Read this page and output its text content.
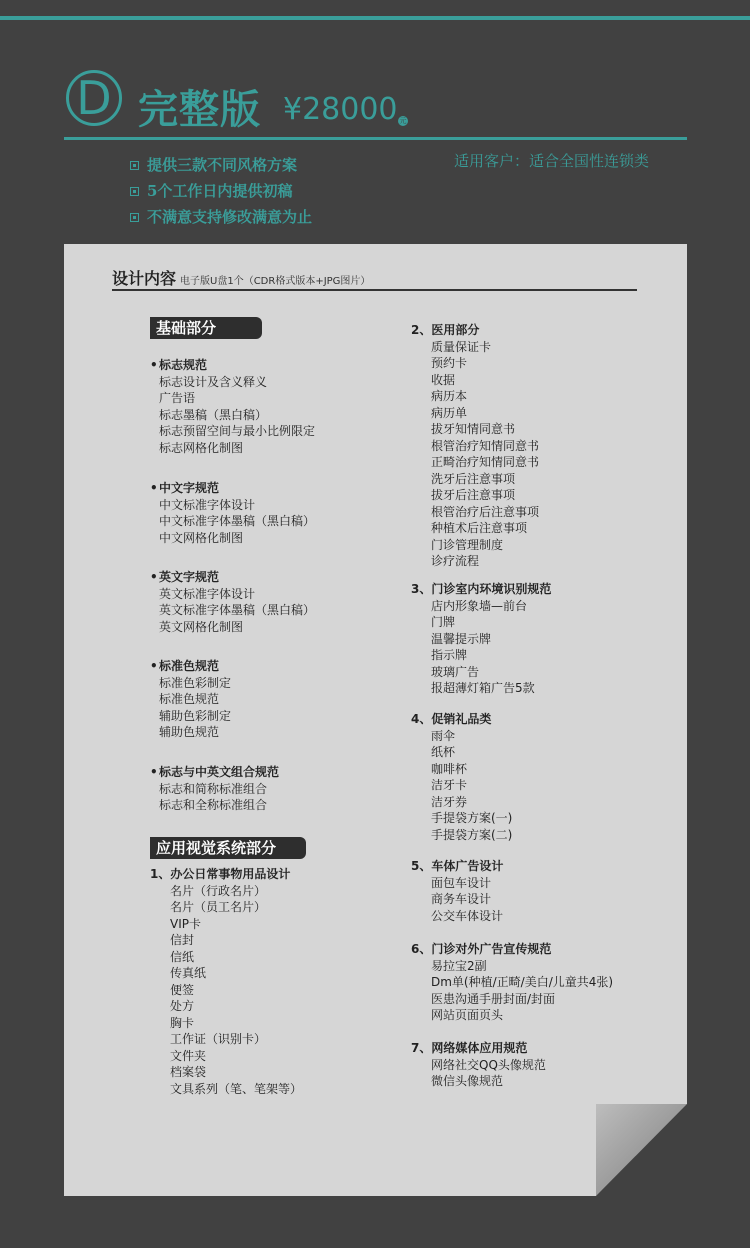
D 完整版 ¥28000 元
提供三款不同风格方案
5个工作日内提供初稿
不满意支持修改满意为止
适用客户：适合全国性连锁类
设计内容 电子版U盘1个（CDR格式版本+JPG图片）
基础部分
应用视觉系统部分
•标志规范
标志设计及含义释义
广告语
标志墨稿（黑白稿）
标志预留空间与最小比例限定
标志网格化制图
•中文字规范
中文标准字体设计
中文标准字体墨稿（黑白稿）
中文网格化制图
•英文字规范
英文标准字体设计
英文标准字体墨稿（黑白稿）
英文网格化制图
•标准色规范
标准色彩制定
标准色规范
辅助色彩制定
辅助色规范
•标志与中英文组合规范
标志和简称标准组合
标志和全称标准组合
1、办公日常事物用品设计
名片（行政名片）
名片（员工名片）
VIP卡
信封
信纸
传真纸
便签
处方
胸卡
工作证（识别卡）
文件夹
档案袋
文具系列（笔、笔架等）
2、医用部分
质量保证卡
预约卡
收据
病历本
病历单
拔牙知情同意书
根管治疗知情同意书
正畸治疗知情同意书
洗牙后注意事项
拔牙后注意事项
根管治疗后注意事项
种植术后注意事项
门诊管理制度
诊疗流程
3、门诊室内环境识别规范
店内形象墙—前台
门牌
温馨提示牌
指示牌
玻璃广告
报超薄灯箱广告5款
4、促销礼品类
雨伞
纸杯
咖啡杯
洁牙卡
洁牙券
手提袋方案(一)
手提袋方案(二)
5、车体广告设计
面包车设计
商务车设计
公交车体设计
6、门诊对外广告宣传规范
易拉宝2副
Dm单(种植/正畸/美白/儿童共4张)
医患沟通手册封面/封面
网站页面页头
7、网络媒体应用规范
网络社交QQ头像规范
微信头像规范
